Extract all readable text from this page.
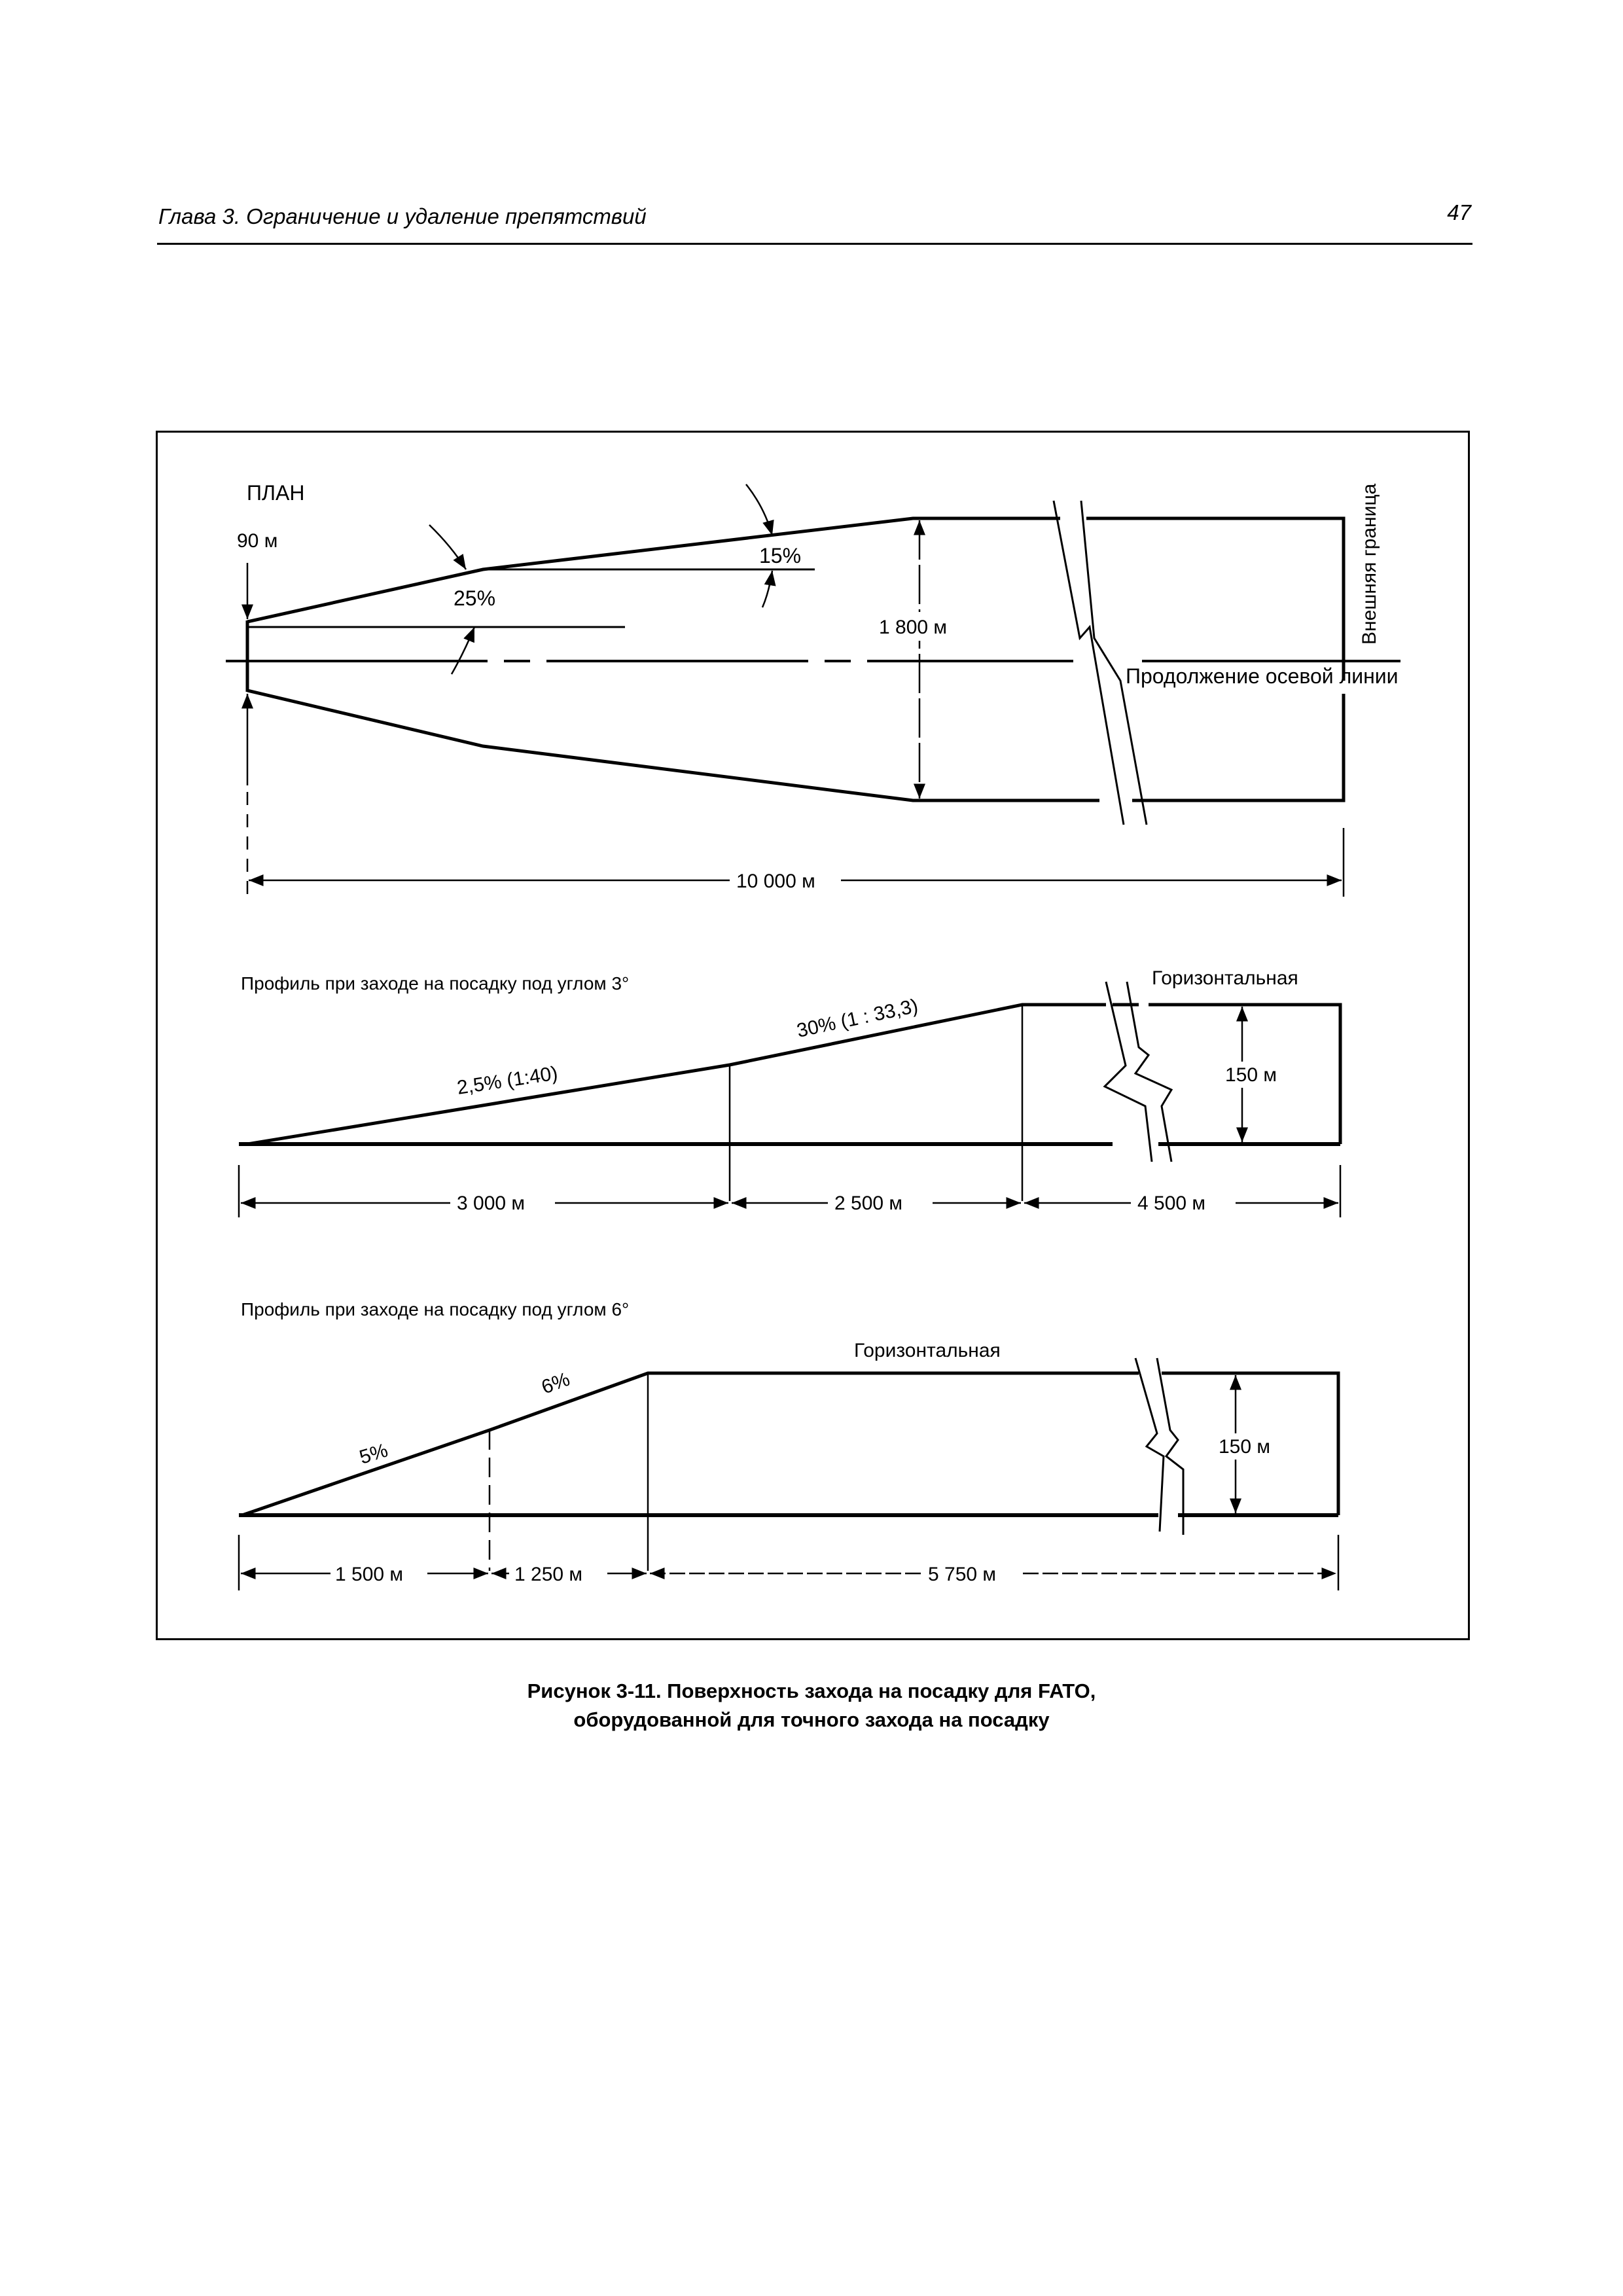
Глава 3. Ограничение и удаление препятствий	47
ПЛАН
90 м
25%
15%
1 800 м	Внешняя граница
Продолжение осевой линии
10 000 м
Профиль при заходе на посадку под углом 3°	Горизонтальная
2,5% (1:40)
30% (1 : 33,3)
150 м
3 000 м	2 500 м	4 500 м
Профиль при заходе на посадку под углом 6°
Горизонтальная
5%
6%
150 м
1 500 м	1 250 м	5 750 м
Рисунок 3-11. Поверхность захода на посадку для FATO,
оборудованной для точного захода на посадку
